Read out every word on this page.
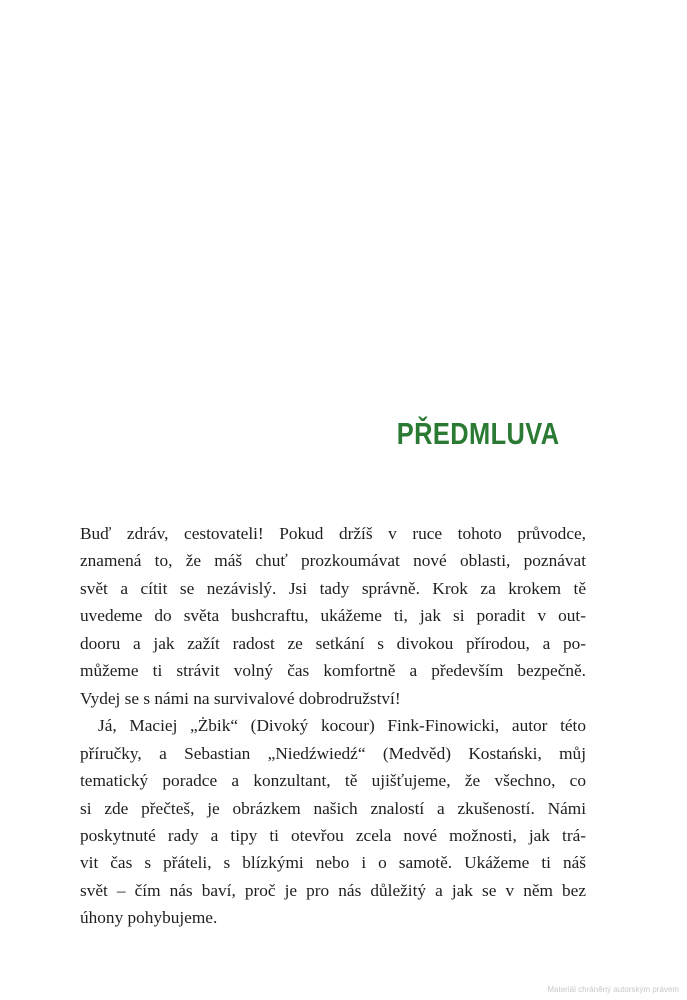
PŘEDMLUVA

Buď zdráv, cestovateli! Pokud držíš v ruce tohoto průvodce,
znamená to, že máš chuť prozkoumávat nové oblasti, poznávat
svět a cítit se nezávislý. Jsi tady správně. Krok za krokem tě
uvedeme do světa bushcraftu, ukážeme ti, jak si poradit v out-
dooru a jak zažít radost ze setkání s divokou přírodou, a po-
můžeme ti strávit volný čas komfortně a především bezpečně.
Vydej se s námi na survivalové dobrodružství!

Já, Maciej „Żbik“ (Divoký kocour) Fink-Finowicki, autor této
příručky, a Sebastian „Niedźwiedź“ (Medvěd) Kostański, můj
tematický poradce a konzultant, tě ujišťujeme, že všechno, co
si zde přečteš, je obrázkem našich znalostí a zkušeností. Námi
poskytnuté rady a tipy ti otevřou zcela nové možnosti, jak trá-
vit čas s přáteli, s blízkými nebo i o samotě. Ukážeme ti náš
svět – čím nás baví, proč je pro nás důležitý a jak se v něm bez
úhony pohybujeme.

Materiál chráněný autorským právem
